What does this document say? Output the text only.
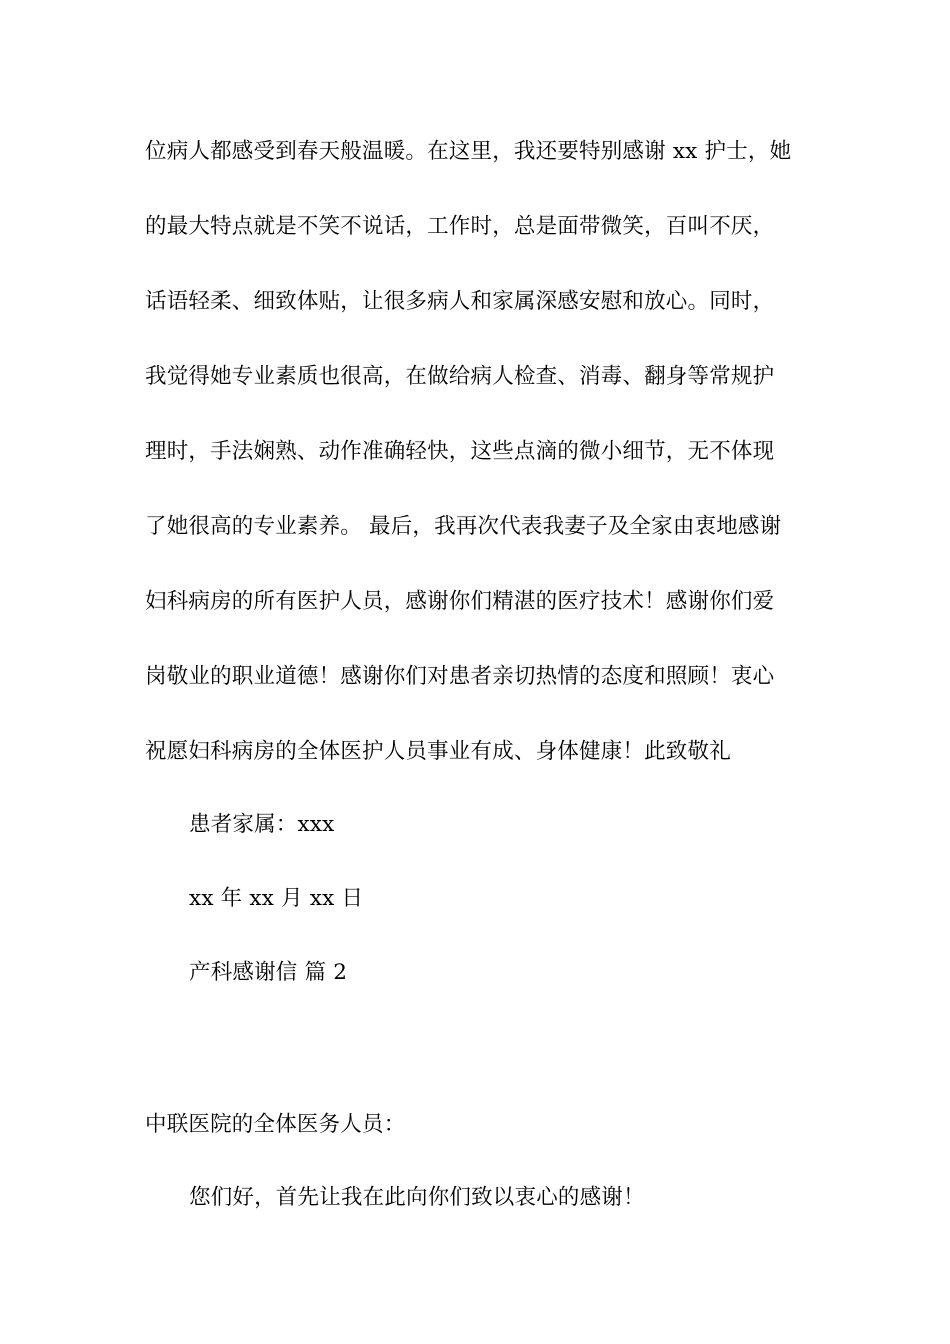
位病人都感受到春天般温暖。在这里，我还要特别感谢 xx 护士，她
的最大特点就是不笑不说话，工作时，总是面带微笑，百叫不厌，
话语轻柔、细致体贴，让很多病人和家属深感安慰和放心。同时，
我觉得她专业素质也很高，在做给病人检查、消毒、翻身等常规护
理时，手法娴熟、动作准确轻快，这些点滴的微小细节，无不体现
了她很高的专业素养。 最后，我再次代表我妻子及全家由衷地感谢
妇科病房的所有医护人员，感谢你们精湛的医疗技术！感谢你们爱
岗敬业的职业道德！感谢你们对患者亲切热情的态度和照顾！衷心
祝愿妇科病房的全体医护人员事业有成、身体健康！此致敬礼
患者家属：xxx
xx 年 xx 月 xx 日
产科感谢信 篇 2
中联医院的全体医务人员：
您们好，首先让我在此向你们致以衷心的感谢！
